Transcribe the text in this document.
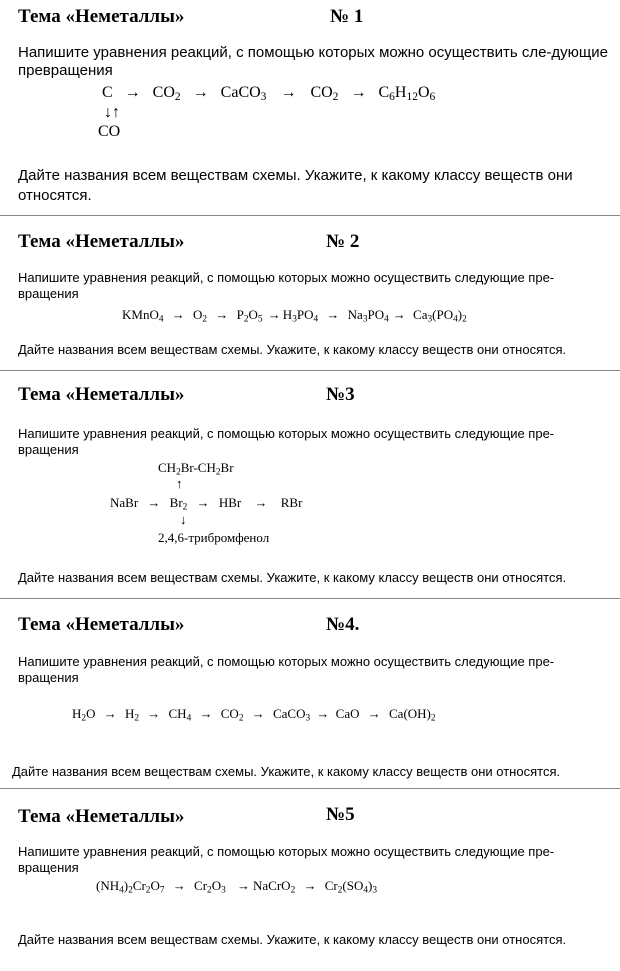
Тема «Неметаллы»	№ 1
Напишите уравнения реакций, с помощью которых можно осуществить сле-дующие превращения
$C \to CO_2$ → CaCO$_3$ → $CO_2 \to C_6H_{12}O_6$
↓↑
CO
Дайте названия всем веществам схемы. Укажите, к какому классу веществ они относятся.
Тема «Неметаллы»	№ 2
Напишите уравнения реакций, с помощью которых можно осуществить следующие пре-вращения
KMnO$_4$ → $O_2 \to P_2O_5 \to H_3PO_4 \to Na_3PO_4 \to Ca_3(PO_4)_2$
Дайте названия всем веществам схемы. Укажите, к какому классу веществ они относятся.
Тема «Неметаллы»	№3
Напишите уравнения реакций, с помощью которых можно осуществить следующие пре-вращения
$CH_2Br-CH_2Br$
↑
NaBr → $Br_2$ → HBr → RBr
↓
2,4,6-трибромфенол
Дайте названия всем веществам схемы. Укажите, к какому классу веществ они относятся.
Тема «Неметаллы»	№4.
Напишите уравнения реакций, с помощью которых можно осуществить следующие пре-вращения
$H_2O \to H_2 \to CH_4 \to CO_2$ → CaCO$_3$ → CaO → $Ca(OH)_2$
Дайте названия всем веществам схемы. Укажите, к какому классу веществ они относятся.
Тема «Неметаллы»	№5
Напишите уравнения реакций, с помощью которых можно осуществить следующие пре-вращения
$(NH_4)_2Cr_2O_7 \to Cr_2O_3$ → NaCrO$_2$ → $Cr_2(SO_4)_3$
Дайте названия всем веществам схемы. Укажите, к какому классу веществ они относятся.
